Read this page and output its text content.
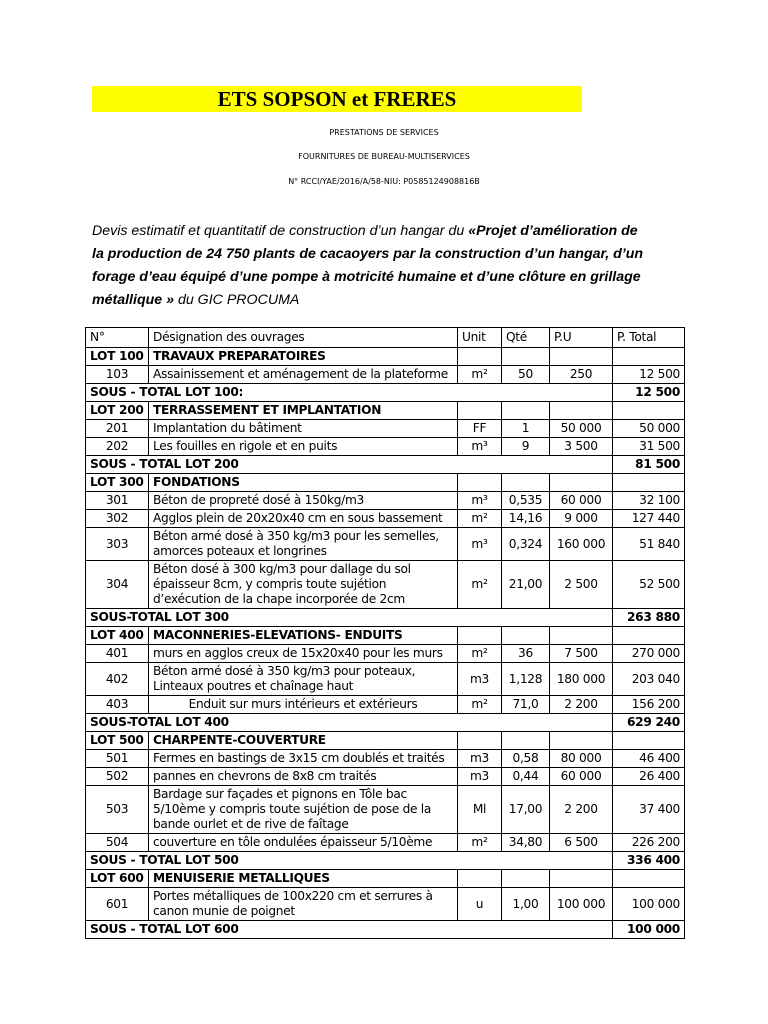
ETS SOPSON et FRERES
PRESTATIONS DE SERVICES
FOURNITURES DE BUREAU-MULTISERVICES
N° RCCI/YAE/2016/A/58-NIU: P0585124908816B
Devis estimatif et quantitatif de construction d’un hangar du «Projet d’amélioration de la production de 24 750 plants de cacaoyers par la construction d’un hangar, d’un forage d’eau équipé d’une pompe à motricité humaine et d’une clôture en grillage métallique » du GIC PROCUMA
N°	Désignation des ouvrages	Unit	Qté	P.U	P. Total
LOT 100	TRAVAUX PREPARATOIRES				
103	Assainissement et aménagement de la plateforme	m²	50	250	12 500
SOUS - TOTAL LOT 100:					12 500
LOT 200	TERRASSEMENT ET IMPLANTATION				
201	Implantation du bâtiment	FF	1	50 000	50 000
202	Les fouilles en rigole et en puits	m³	9	3 500	31 500
SOUS - TOTAL LOT 200					81 500
LOT 300	FONDATIONS				
301	Béton de propreté dosé à 150kg/m3	m³	0,535	60 000	32 100
302	Agglos plein de 20x20x40 cm en sous bassement	m²	14,16	9 000	127 440
303	Béton armé dosé à 350 kg/m3 pour les semelles, amorces poteaux et longrines	m³	0,324	160 000	51 840
304	Béton dosé à 300 kg/m3 pour dallage du sol épaisseur 8cm, y compris toute sujétion d’exécution de la chape incorporée de 2cm	m²	21,00	2 500	52 500
SOUS-TOTAL LOT 300					263 880
LOT 400	MACONNERIES-ELEVATIONS- ENDUITS				
401	murs en agglos creux de 15x20x40 pour les murs	m²	36	7 500	270 000
402	Béton armé dosé à 350 kg/m3 pour poteaux, Linteaux poutres et chaînage haut	m3	1,128	180 000	203 040
403	Enduit sur murs intérieurs et extérieurs	m²	71,0	2 200	156 200
SOUS-TOTAL LOT 400					629 240
LOT 500	CHARPENTE-COUVERTURE				
501	Fermes en bastings de 3x15 cm doublés et traités	m3	0,58	80 000	46 400
502	pannes en chevrons de 8x8 cm traités	m3	0,44	60 000	26 400
503	Bardage sur façades et pignons en Tôle bac 5/10ème y compris toute sujétion de pose de la bande ourlet et de rive de faîtage	Ml	17,00	2 200	37 400
504	couverture en tôle ondulées épaisseur 5/10ème	m²	34,80	6 500	226 200
SOUS - TOTAL LOT 500					336 400
LOT 600	MENUISERIE METALLIQUES				
601	Portes métalliques de 100x220 cm et serrures à canon munie de poignet	u	1,00	100 000	100 000
SOUS - TOTAL LOT 600					100 000
